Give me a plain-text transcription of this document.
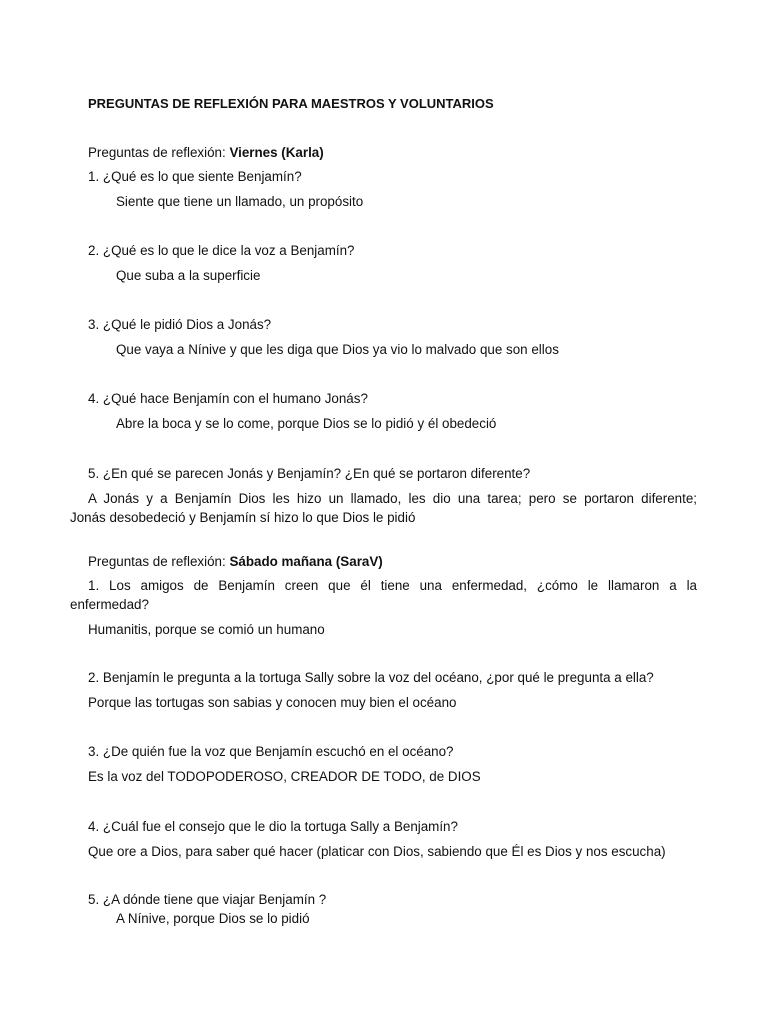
PREGUNTAS DE REFLEXIÓN PARA MAESTROS Y VOLUNTARIOS
Preguntas de reflexión: Viernes (Karla)
1. ¿Qué es lo que siente Benjamín?
Siente que tiene un llamado, un propósito
2. ¿Qué es lo que le dice la voz a Benjamín?
Que suba a la superficie
3. ¿Qué le pidió Dios a Jonás?
Que vaya a Nínive y que les diga que Dios ya vio lo malvado que son ellos
4. ¿Qué hace Benjamín con el humano Jonás?
Abre la boca y se lo come, porque Dios se lo pidió y él obedeció
5. ¿En qué se parecen Jonás y Benjamín? ¿En qué se portaron diferente?
A Jonás y a Benjamín Dios les hizo un llamado, les dio una tarea; pero se portaron diferente;
Jonás desobedeció y Benjamín sí hizo lo que Dios le pidió
Preguntas de reflexión: Sábado mañana (SaraV)
1. Los amigos de Benjamín creen que él tiene una enfermedad, ¿cómo le llamaron a la
enfermedad?
Humanitis, porque se comió un humano
2. Benjamín le pregunta a la tortuga Sally sobre la voz del océano, ¿por qué le pregunta a ella?
Porque las tortugas son sabias y conocen muy bien el océano
3. ¿De quién fue la voz que Benjamín escuchó en el océano?
Es la voz del TODOPODEROSO, CREADOR DE TODO, de DIOS
4. ¿Cuál fue el consejo que le dio la tortuga Sally a Benjamín?
Que ore a Dios, para saber qué hacer (platicar con Dios, sabiendo que Él es Dios y nos escucha)
5. ¿A dónde tiene que viajar Benjamín ?
A Nínive, porque Dios se lo pidió
